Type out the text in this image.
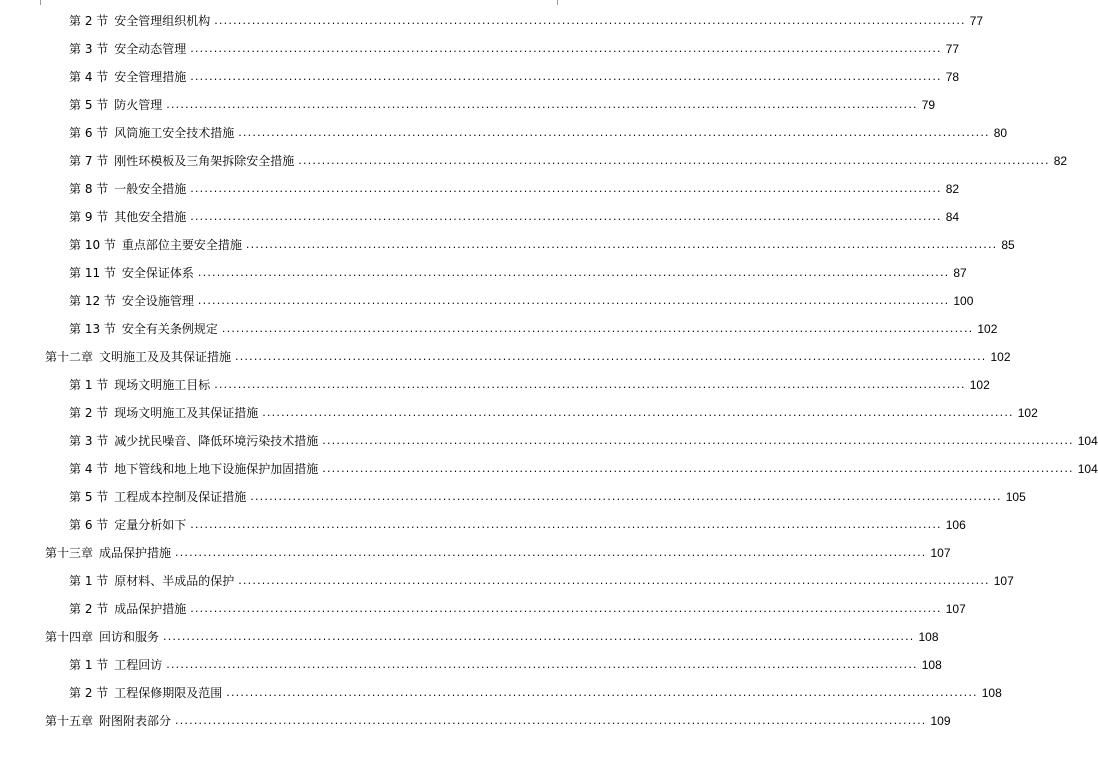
第 2 节 安全管理组织机构 ................................................................................................................................................................ 77
第 3 节 安全动态管理 ................................................................................................................................................................ 77
第 4 节 安全管理措施 ................................................................................................................................................................ 78
第 5 节 防火管理 ................................................................................................................................................................ 79
第 6 节 风筒施工安全技术措施 ................................................................................................................................................................ 80
第 7 节 刚性环模板及三角架拆除安全措施 ................................................................................................................................................................ 82
第 8 节 一般安全措施 ................................................................................................................................................................ 82
第 9 节 其他安全措施 ................................................................................................................................................................ 84
第 10 节 重点部位主要安全措施 ................................................................................................................................................................ 85
第 11 节 安全保证体系 ................................................................................................................................................................ 87
第 12 节 安全设施管理 ................................................................................................................................................................ 100
第 13 节 安全有关条例规定 ................................................................................................................................................................ 102
第十二章 文明施工及及其保证措施 ................................................................................................................................................................ 102
第 1 节 现场文明施工目标 ................................................................................................................................................................ 102
第 2 节 现场文明施工及其保证措施 ................................................................................................................................................................ 102
第 3 节 减少扰民噪音、降低环境污染技术措施 ................................................................................................................................................................ 104
第 4 节 地下管线和地上地下设施保护加固措施 ................................................................................................................................................................ 104
第 5 节 工程成本控制及保证措施 ................................................................................................................................................................ 105
第 6 节 定量分析如下 ................................................................................................................................................................ 106
第十三章 成品保护措施 ................................................................................................................................................................ 107
第 1 节 原材料、半成品的保护 ................................................................................................................................................................ 107
第 2 节 成品保护措施 ................................................................................................................................................................ 107
第十四章 回访和服务 ................................................................................................................................................................ 108
第 1 节 工程回访 ................................................................................................................................................................ 108
第 2 节 工程保修期限及范围 ................................................................................................................................................................ 108
第十五章 附图附表部分 ................................................................................................................................................................ 109
